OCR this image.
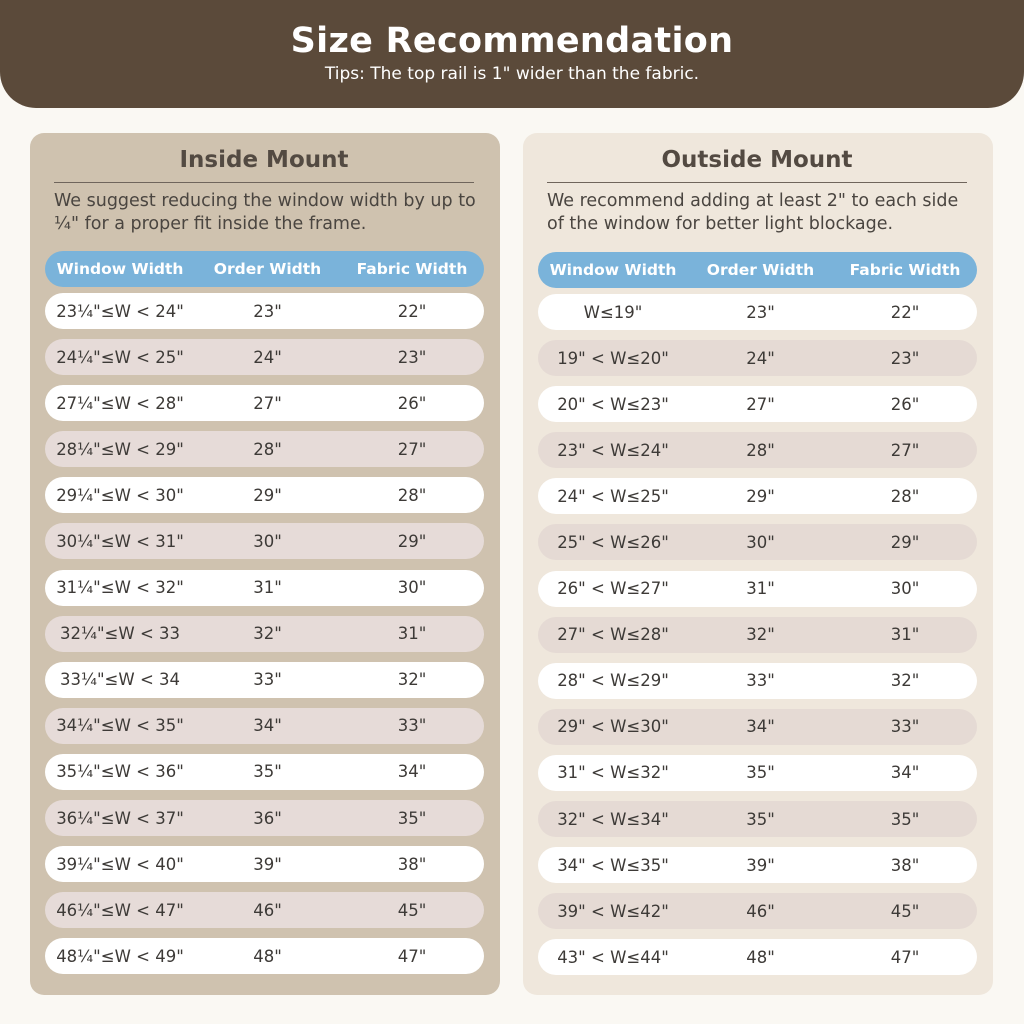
Size Recommendation
Tips: The top rail is 1" wider than the fabric.
Inside Mount
We suggest reducing the window width by up to ¼" for a proper fit inside the frame.
Window Width	Order Width	Fabric Width
23¼"≤W < 24"	23"	22"
24¼"≤W < 25"	24"	23"
27¼"≤W < 28"	27"	26"
28¼"≤W < 29"	28"	27"
29¼"≤W < 30"	29"	28"
30¼"≤W < 31"	30"	29"
31¼"≤W < 32"	31"	30"
32¼"≤W < 33	32"	31"
33¼"≤W < 34	33"	32"
34¼"≤W < 35"	34"	33"
35¼"≤W < 36"	35"	34"
36¼"≤W < 37"	36"	35"
39¼"≤W < 40"	39"	38"
46¼"≤W < 47"	46"	45"
48¼"≤W < 49"	48"	47"
Outside Mount
We recommend adding at least 2" to each side of the window for better light blockage.
Window Width	Order Width	Fabric Width
W≤19"	23"	22"
19" < W≤20"	24"	23"
20" < W≤23"	27"	26"
23" < W≤24"	28"	27"
24" < W≤25"	29"	28"
25" < W≤26"	30"	29"
26" < W≤27"	31"	30"
27" < W≤28"	32"	31"
28" < W≤29"	33"	32"
29" < W≤30"	34"	33"
31" < W≤32"	35"	34"
32" < W≤34"	35"	35"
34" < W≤35"	39"	38"
39" < W≤42"	46"	45"
43" < W≤44"	48"	47"
